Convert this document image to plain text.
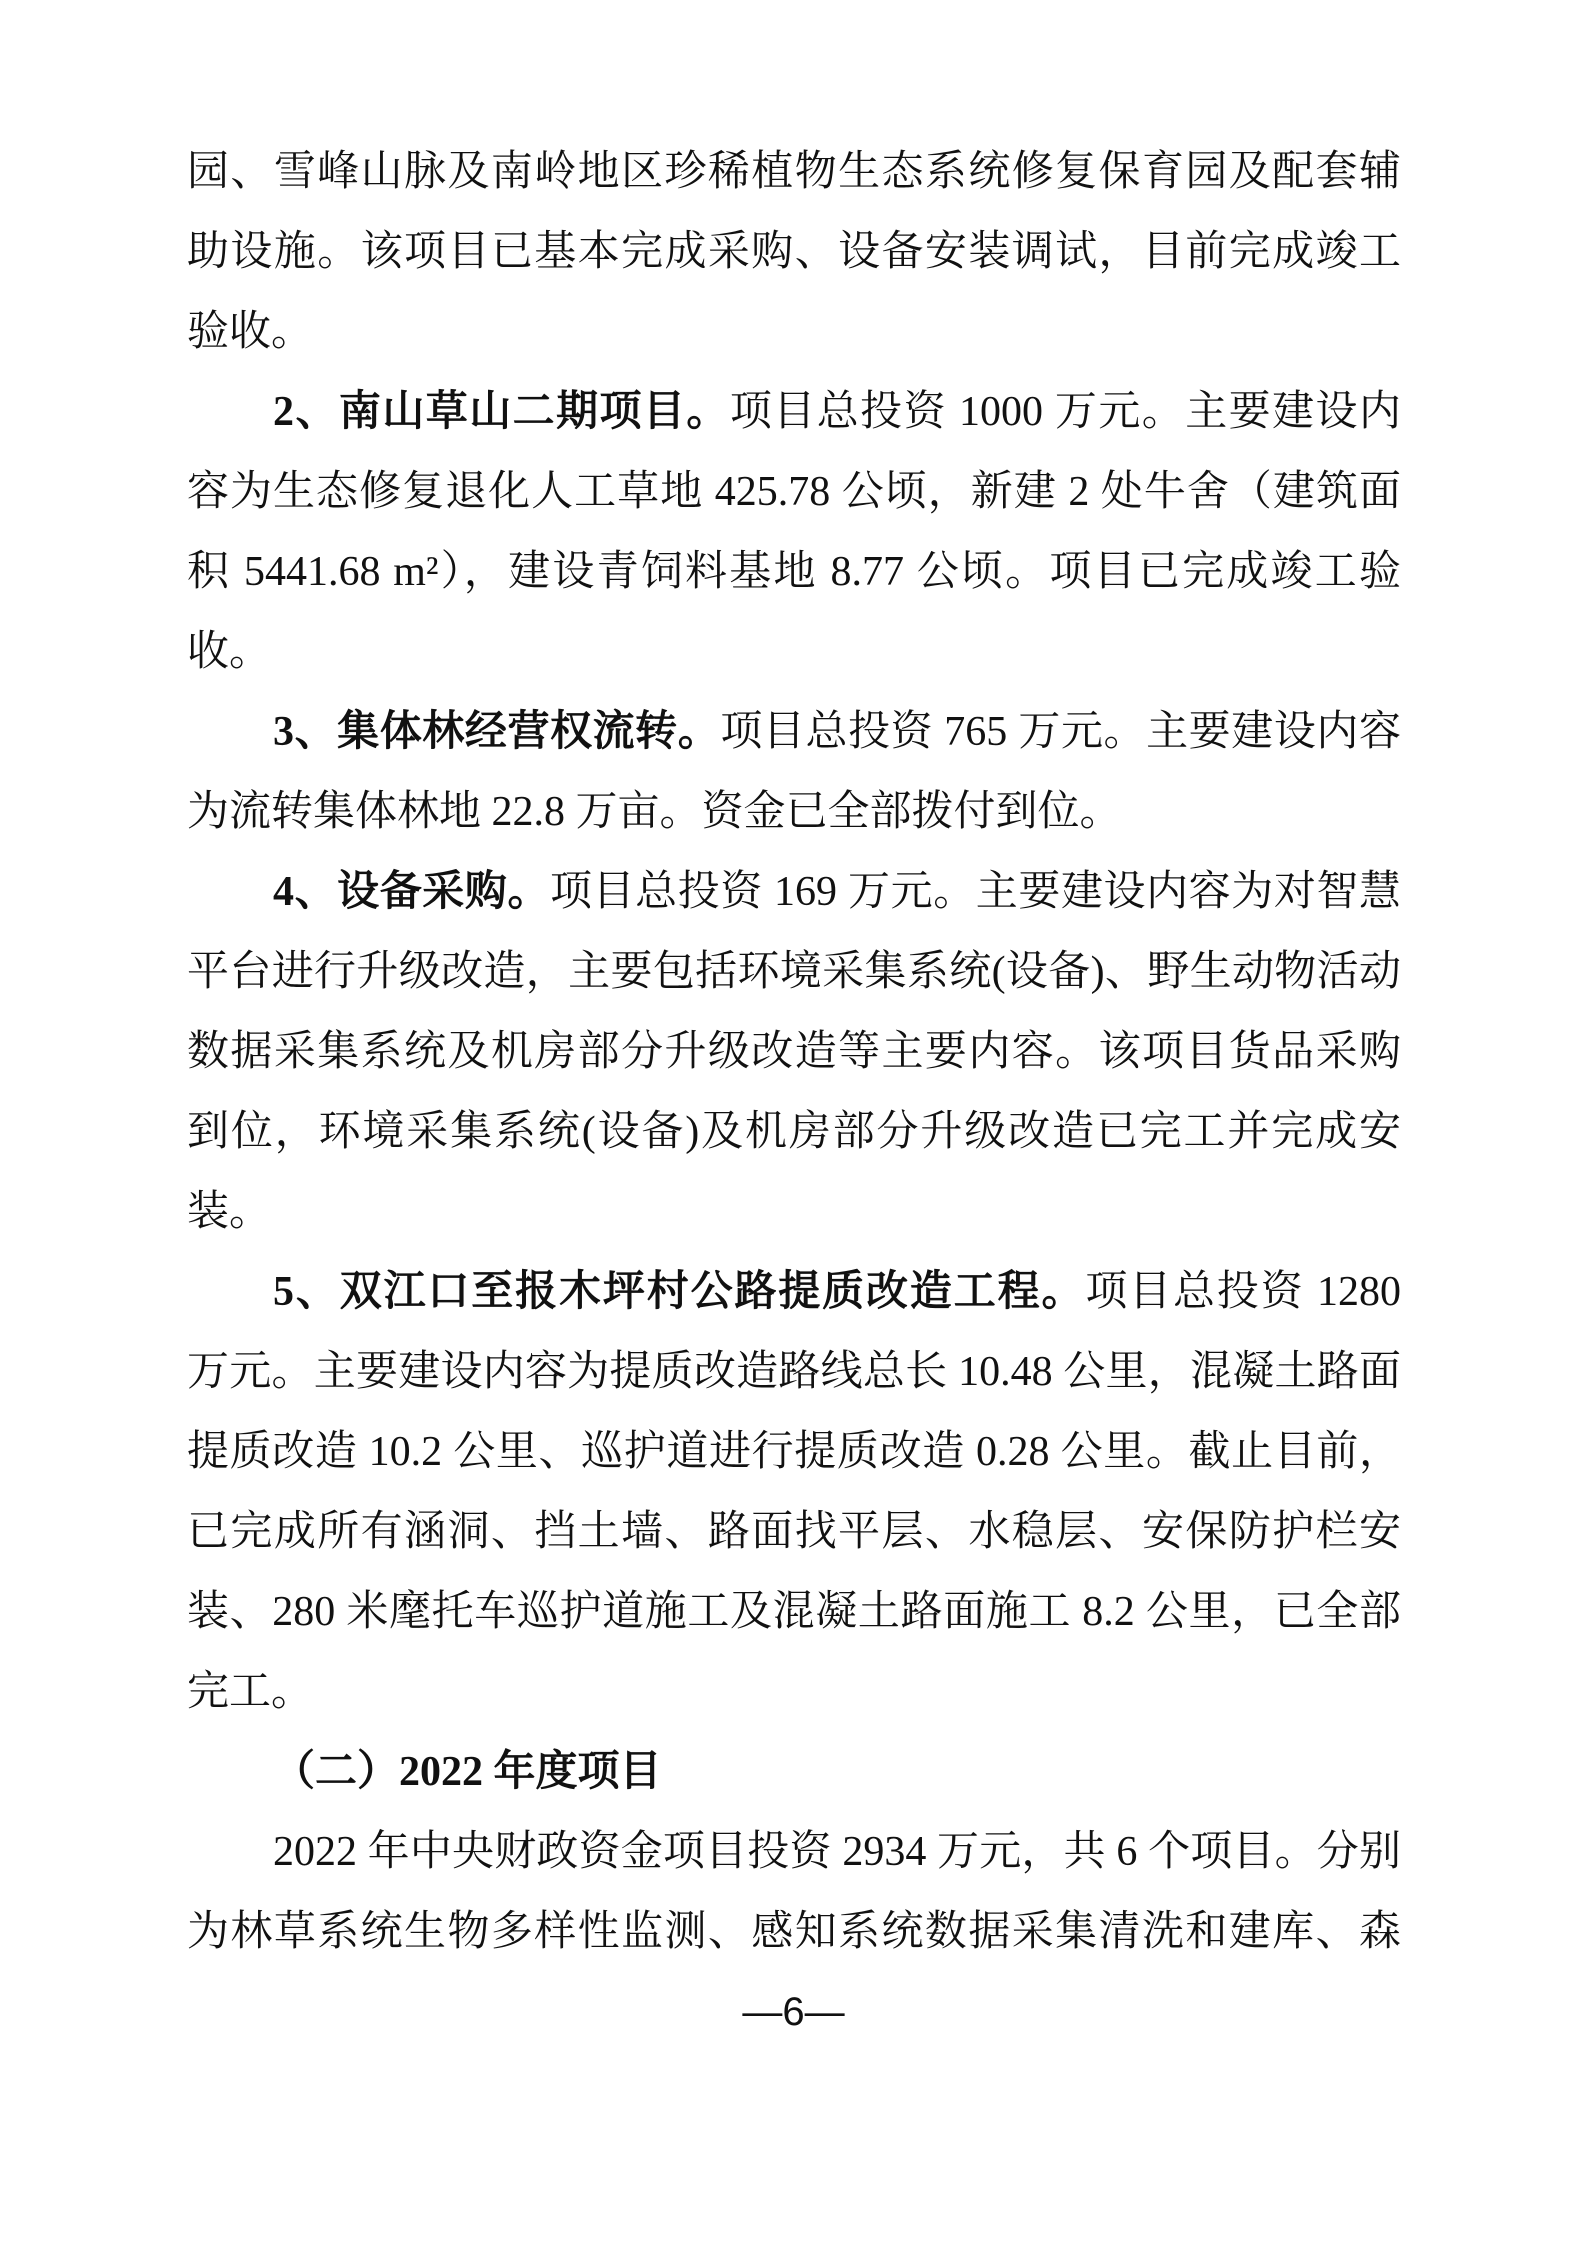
园、雪峰山脉及南岭地区珍稀植物生态系统修复保育园及配套辅
助设施。该项目已基本完成采购、设备安装调试，目前完成竣工
验收。
2、南山草山二期项目。项目总投资 1000 万元。主要建设内
容为生态修复退化人工草地 425.78 公顷，新建 2 处牛舍（建筑面
积 5441.68 m²），建设青饲料基地 8.77 公顷。项目已完成竣工验
收。
3、集体林经营权流转。项目总投资 765 万元。主要建设内容
为流转集体林地 22.8 万亩。资金已全部拨付到位。
4、设备采购。项目总投资 169 万元。主要建设内容为对智慧
平台进行升级改造，主要包括环境采集系统(设备)、野生动物活动
数据采集系统及机房部分升级改造等主要内容。该项目货品采购
到位，环境采集系统(设备)及机房部分升级改造已完工并完成安
装。
5、双江口至报木坪村公路提质改造工程。项目总投资 1280
万元。主要建设内容为提质改造路线总长 10.48 公里，混凝土路面
提质改造 10.2 公里、巡护道进行提质改造 0.28 公里。截止目前，
已完成所有涵洞、挡土墙、路面找平层、水稳层、安保防护栏安
装、280 米麾托车巡护道施工及混凝土路面施工 8.2 公里，已全部
完工。
（二）2022 年度项目
2022 年中央财政资金项目投资 2934 万元，共 6 个项目。分别
为林草系统生物多样性监测、感知系统数据采集清洗和建库、森
—6—
